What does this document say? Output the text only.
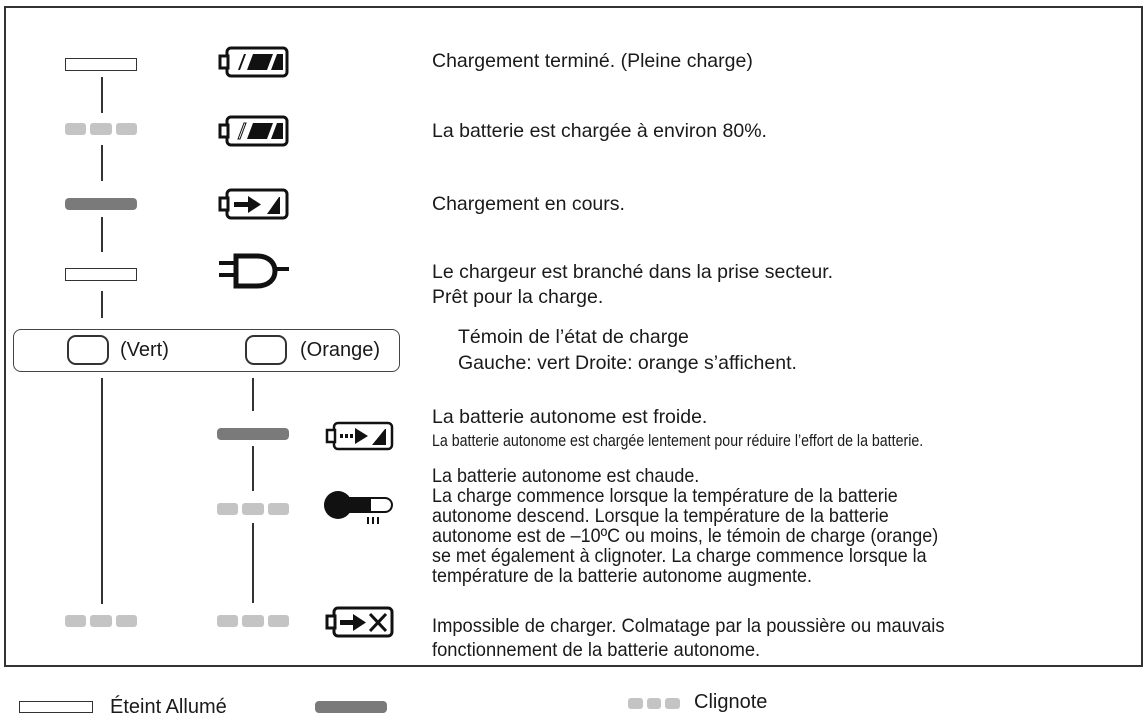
Chargement terminé. (Pleine charge)
La batterie est chargée à environ 80%.
Chargement en cours.
Le chargeur est branché dans la prise secteur.
Prêt pour la charge.
(Vert)	(Orange)
Témoin de l’état de charge
Gauche: vert Droite: orange s’affichent.
La batterie autonome est froide.
La batterie autonome est chargée lentement pour réduire l’effort de la batterie.
La batterie autonome est chaude.
La charge commence lorsque la température de la batterie
autonome descend. Lorsque la température de la batterie
autonome est de –10ºC ou moins, le témoin de charge (orange)
se met également à clignoter. La charge commence lorsque la
température de la batterie autonome augmente.
Impossible de charger. Colmatage par la poussière ou mauvais
fonctionnement de la batterie autonome.
Éteint Allumé	Clignote
